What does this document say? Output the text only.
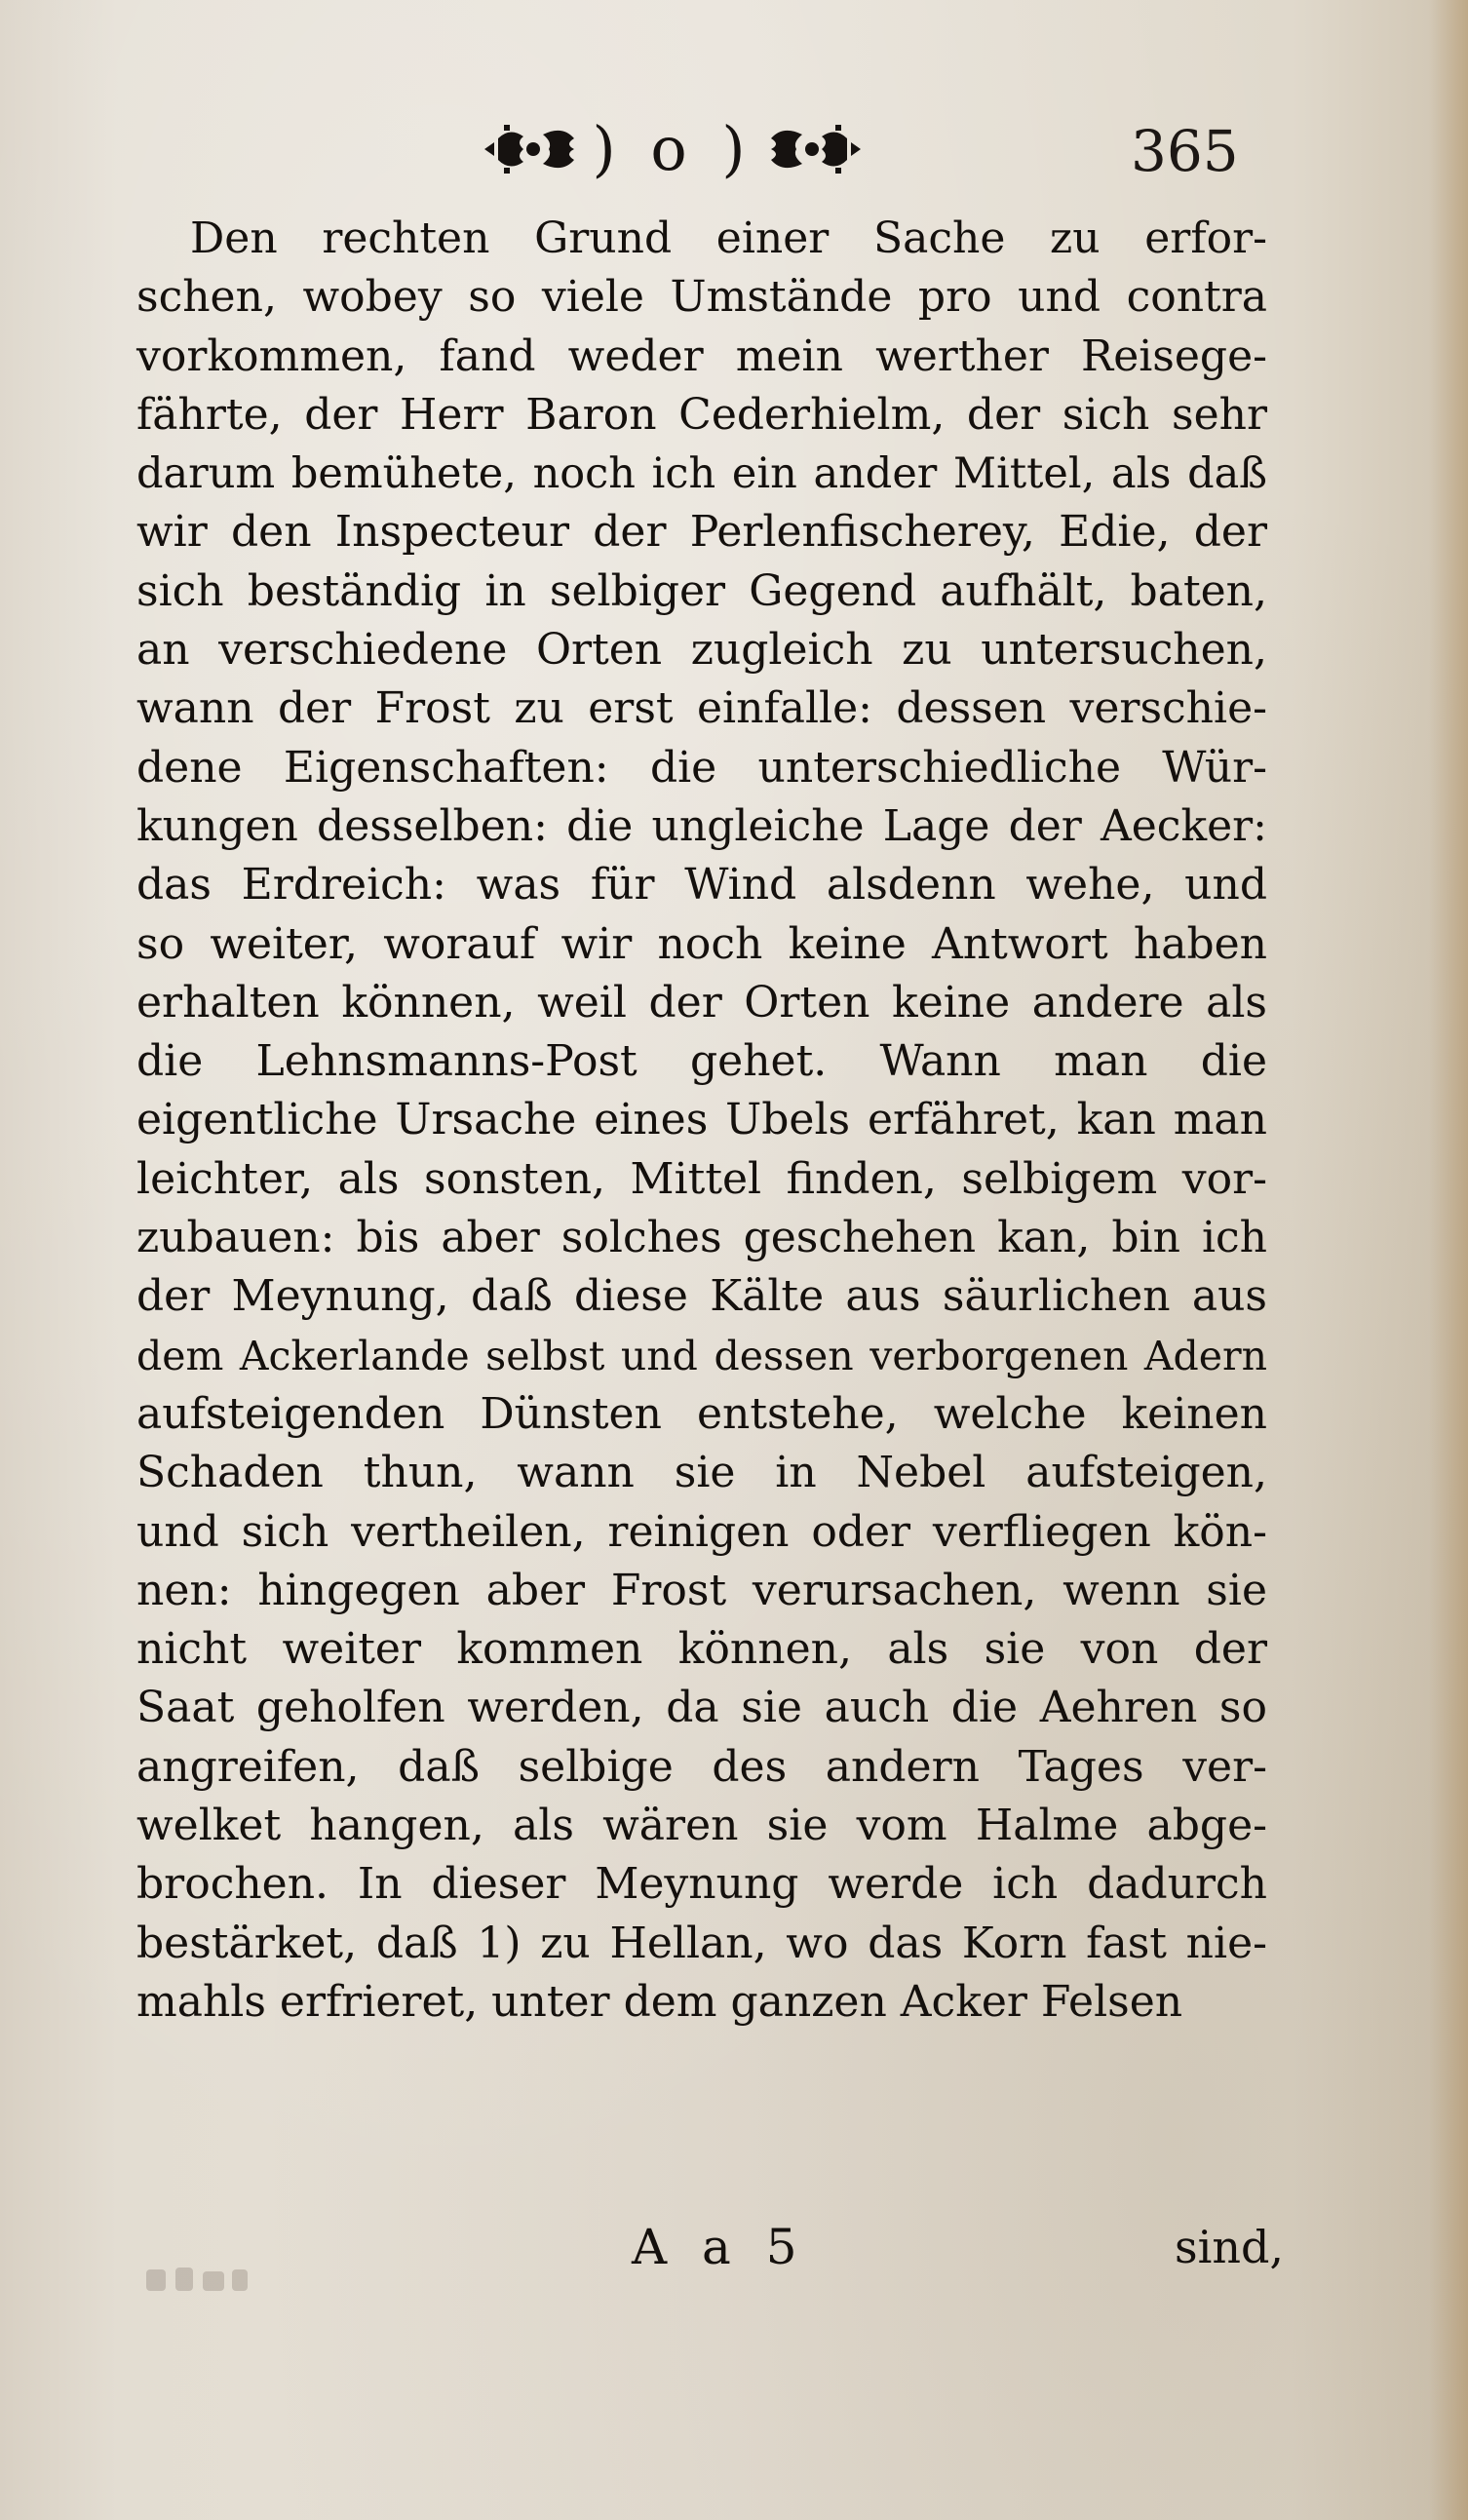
) o )	365
Den rechten Grund einer Sache zu erfor-
schen, wobey so viele Umstände pro und contra
vorkommen, fand weder mein werther Reisege-
fährte, der Herr Baron Cederhielm, der sich sehr
darum bemühete, noch ich ein ander Mittel, als daß
wir den Inspecteur der Perlenfischerey, Edie, der
sich beständig in selbiger Gegend aufhält, baten,
an verschiedene Orten zugleich zu untersuchen,
wann der Frost zu erst einfalle: dessen verschie-
dene Eigenschaften: die unterschiedliche Wür-
kungen desselben: die ungleiche Lage der Aecker:
das Erdreich: was für Wind alsdenn wehe, und
so weiter, worauf wir noch keine Antwort haben
erhalten können, weil der Orten keine andere als
die Lehnsmanns-Post gehet. Wann man die
eigentliche Ursache eines Ubels erfähret, kan man
leichter, als sonsten, Mittel finden, selbigem vor-
zubauen: bis aber solches geschehen kan, bin ich
der Meynung, daß diese Kälte aus säurlichen aus
dem Ackerlande selbst und dessen verborgenen Adern
aufsteigenden Dünsten entstehe, welche keinen
Schaden thun, wann sie in Nebel aufsteigen,
und sich vertheilen, reinigen oder verfliegen kön-
nen: hingegen aber Frost verursachen, wenn sie
nicht weiter kommen können, als sie von der
Saat geholfen werden, da sie auch die Aehren so
angreifen, daß selbige des andern Tages ver-
welket hangen, als wären sie vom Halme abge-
brochen. In dieser Meynung werde ich dadurch
bestärket, daß 1) zu Hellan, wo das Korn fast nie-
mahls erfrieret, unter dem ganzen Acker Felsen
A a 5	sind,
